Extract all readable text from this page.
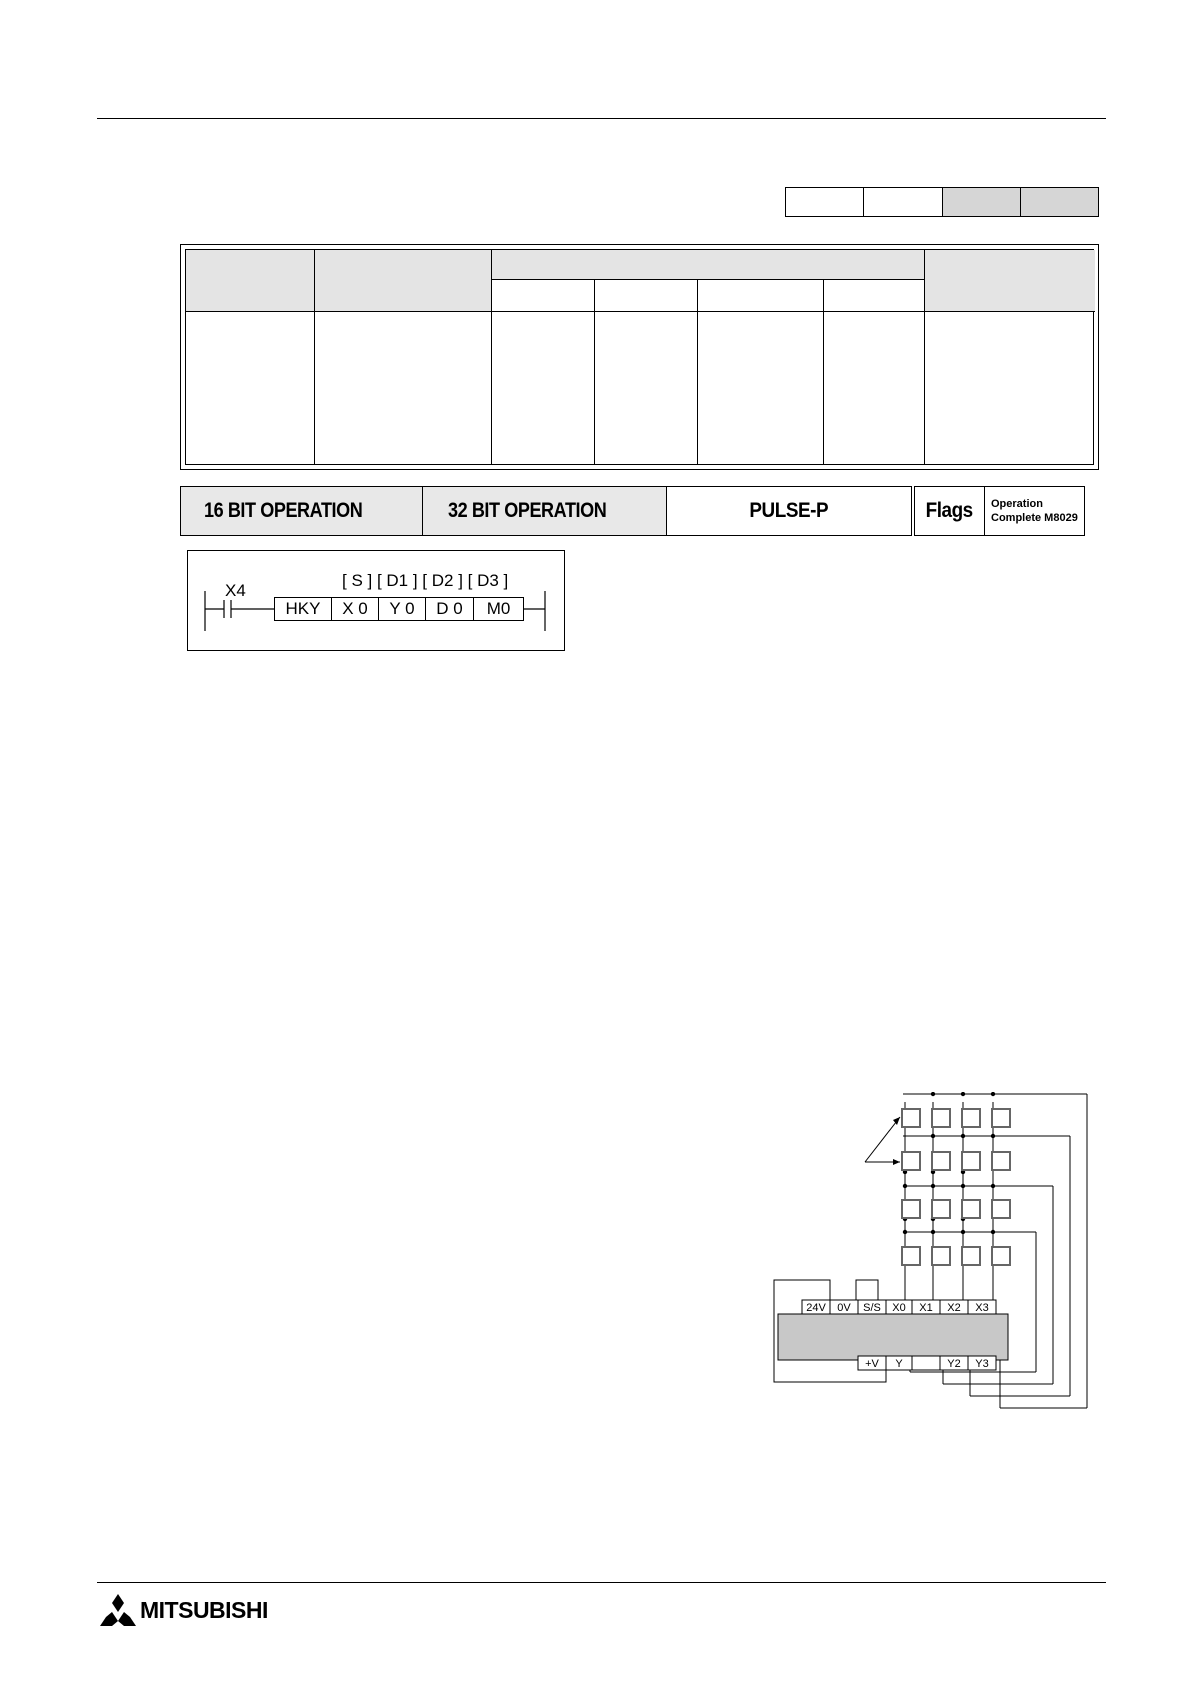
16 BIT OPERATION	32 BIT OPERATION	PULSE-P	Flags Operation
Complete M8029
X4
[ S ] [ D1 ] [ D2 ] [ D3 ]
HKY	X 0	Y 0	D 0	M0
24V 0V S/S X0 X1 X2 X3
+V Y	Y2 Y3
MITSUBISHI
